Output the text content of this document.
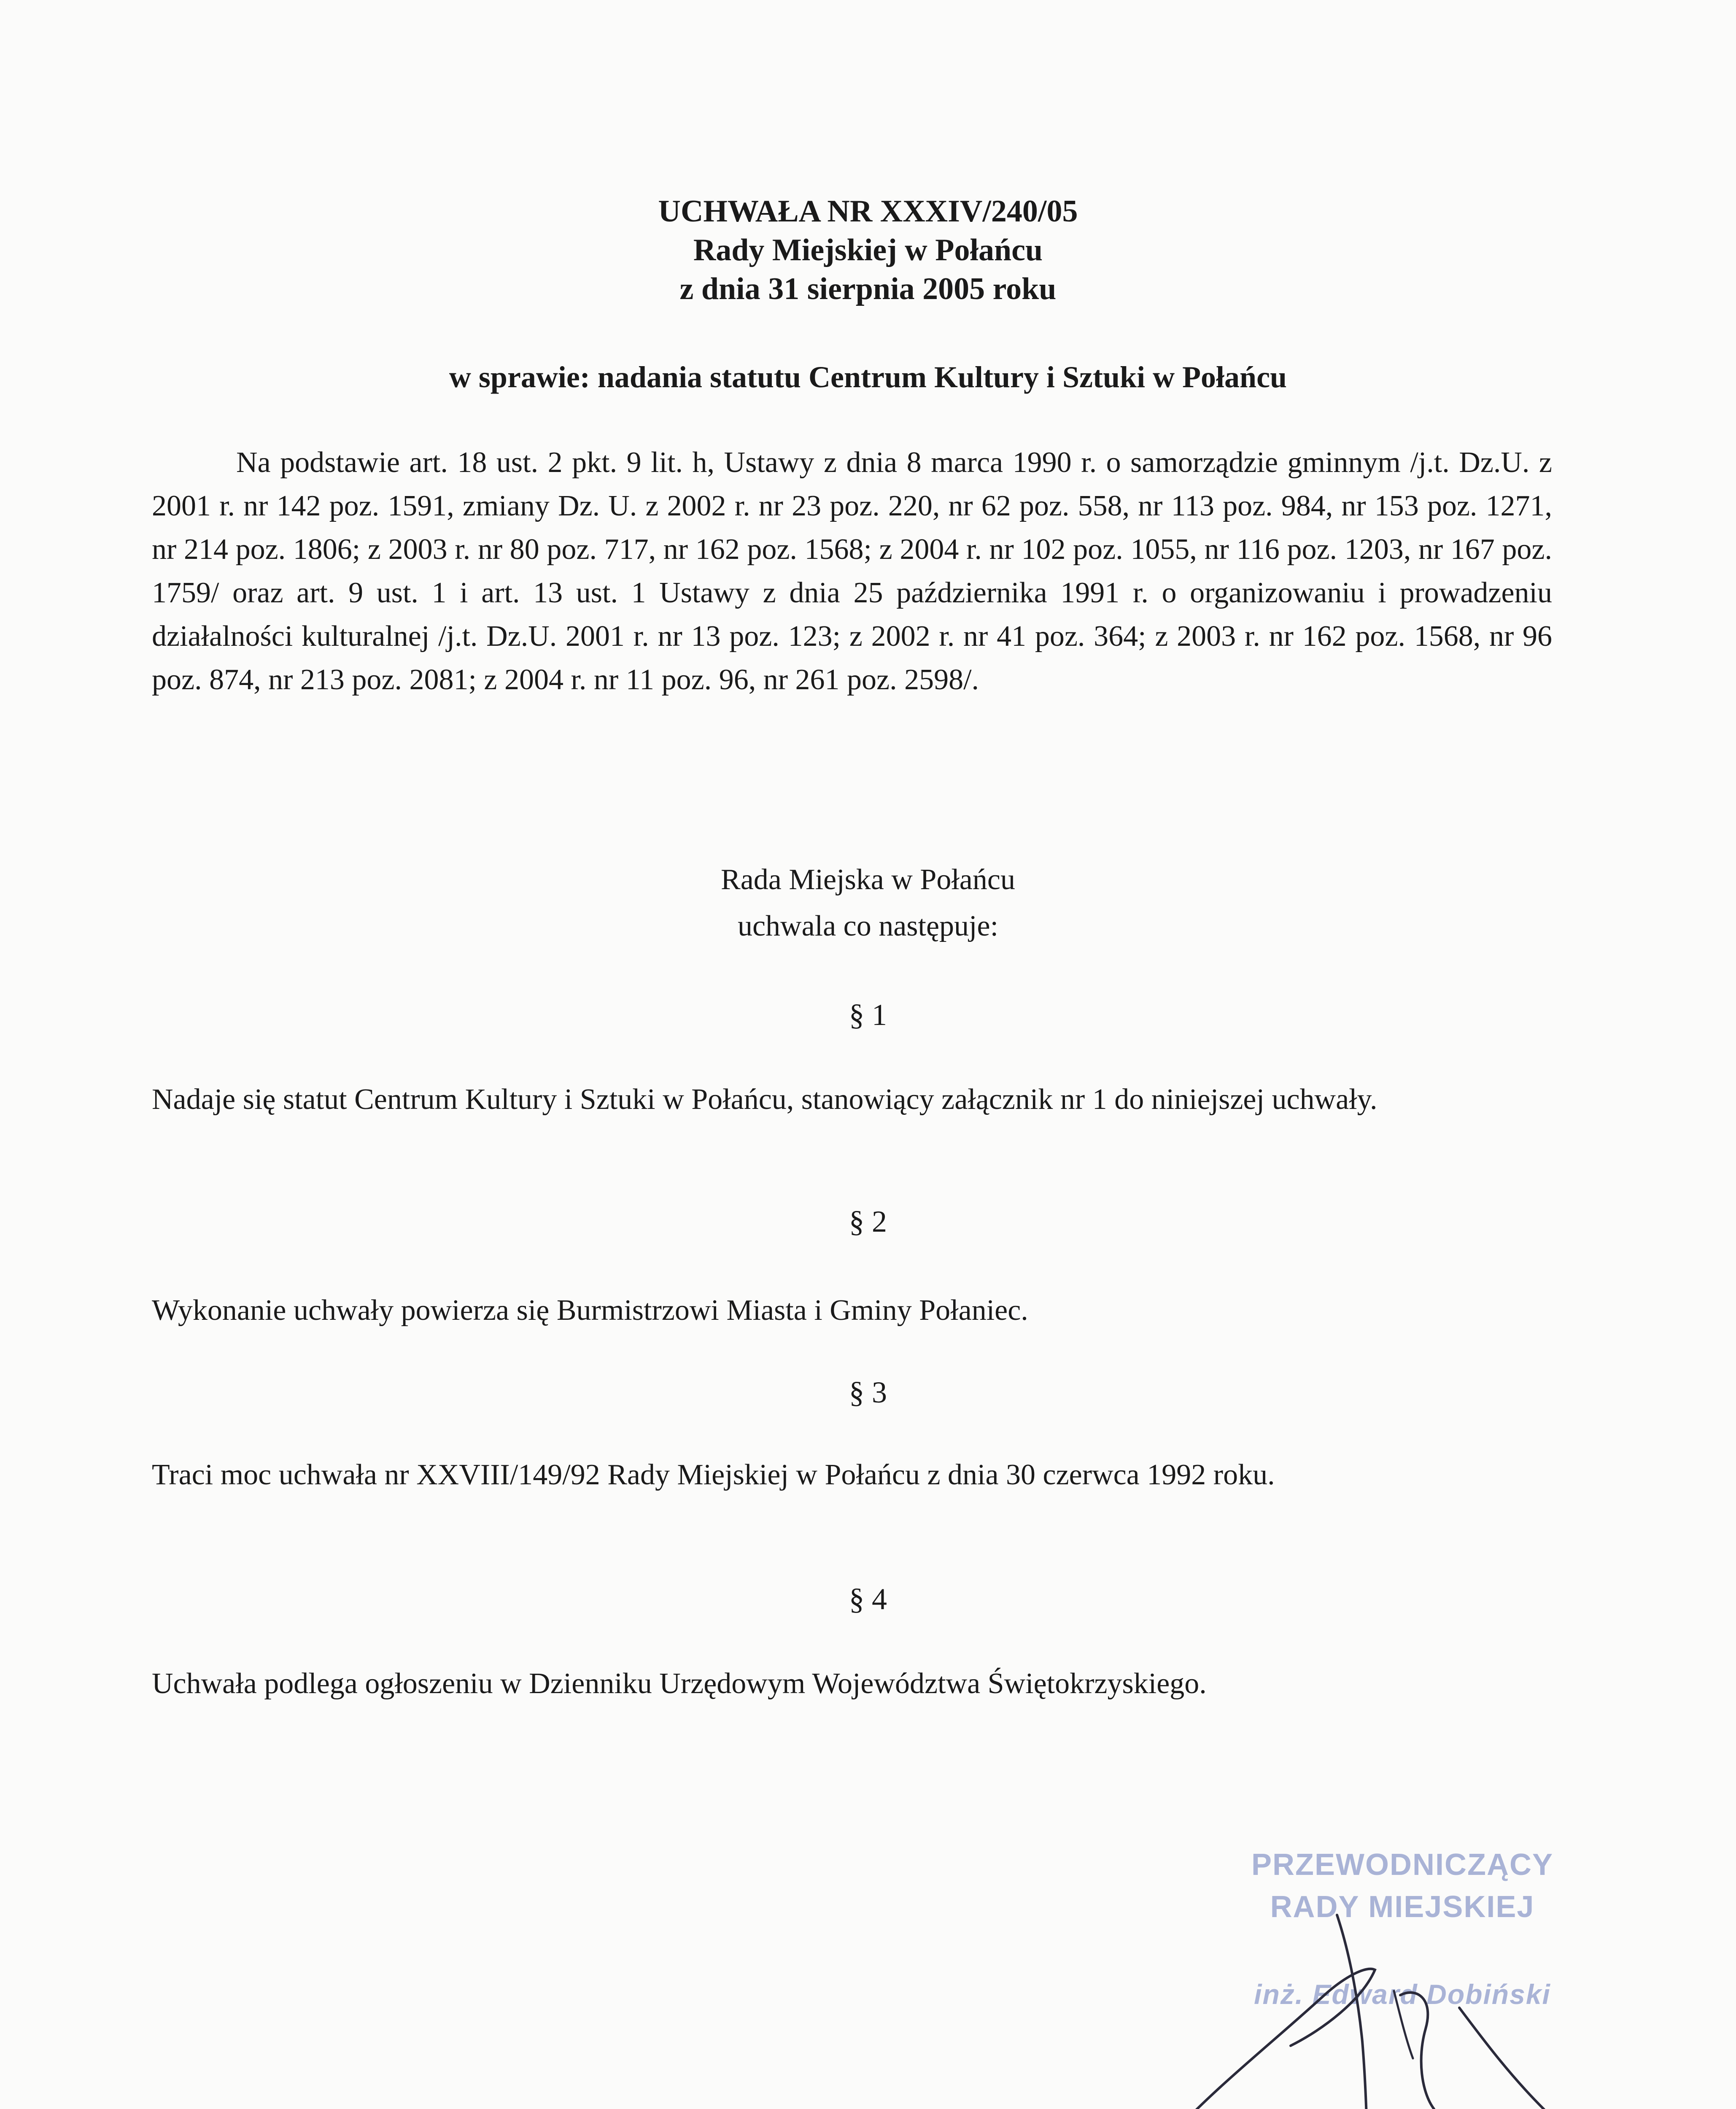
UCHWAŁA NR XXXIV/240/05
Rady Miejskiej w Połańcu
z dnia 31 sierpnia 2005 roku
w sprawie: nadania statutu Centrum Kultury i Sztuki w Połańcu
Na podstawie art. 18 ust. 2 pkt. 9 lit. h, Ustawy z dnia 8 marca 1990 r. o samorządzie gminnym /j.t. Dz.U. z 2001 r. nr 142 poz. 1591, zmiany Dz. U. z 2002 r. nr 23 poz. 220, nr 62 poz. 558, nr 113 poz. 984, nr 153 poz. 1271, nr 214 poz. 1806; z 2003 r. nr 80 poz. 717, nr 162 poz. 1568; z 2004 r. nr 102 poz. 1055, nr 116 poz. 1203, nr 167 poz. 1759/ oraz art. 9 ust. 1 i art. 13 ust. 1 Ustawy z dnia 25 października 1991 r. o organizowaniu i prowadzeniu działalności kulturalnej /j.t. Dz.U. 2001 r. nr 13 poz. 123; z 2002 r. nr 41 poz. 364; z 2003 r. nr 162 poz. 1568, nr 96 poz. 874, nr 213 poz. 2081; z 2004 r. nr 11 poz. 96, nr 261 poz. 2598/.
Rada Miejska w Połańcu
uchwala co następuje:
§ 1
Nadaje się statut Centrum Kultury i Sztuki w Połańcu, stanowiący załącznik nr 1 do niniejszej uchwały.
§ 2
Wykonanie uchwały powierza się Burmistrzowi Miasta i Gminy Połaniec.
§ 3
Traci moc uchwała nr XXVIII/149/92 Rady Miejskiej w Połańcu z dnia 30 czerwca 1992 roku.
§ 4
Uchwała podlega ogłoszeniu w Dzienniku Urzędowym Województwa Świętokrzyskiego.
PRZEWODNICZĄCY
RADY MIEJSKIEJ
inż. Edward Dobiński
